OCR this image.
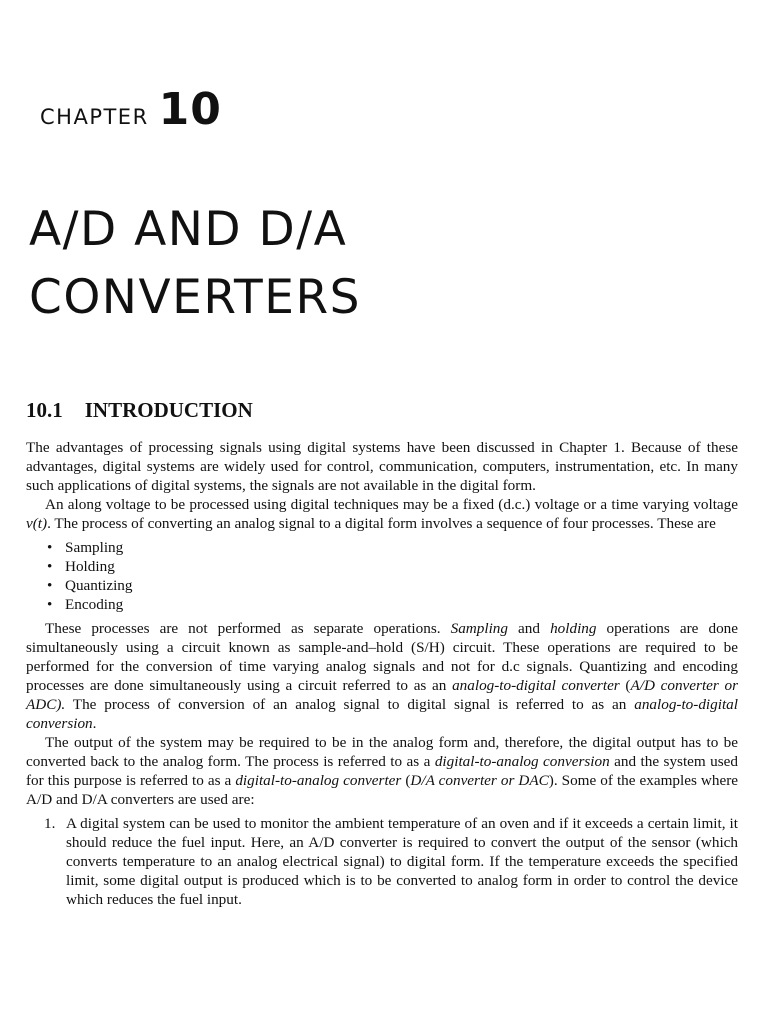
CHAPTER 10
A/D AND D/A
CONVERTERS
10.1 INTRODUCTION

The advantages of processing signals using digital systems have been discussed in Chapter 1. Because of these advantages, digital systems are widely used for control, communication, computers, instrumentation, etc. In many such applications of digital systems, the signals are not available in the digital form.

An along voltage to be processed using digital techniques may be a fixed (d.c.) voltage or a time varying voltage v(t). The process of converting an analog signal to a digital form involves a sequence of four processes. These are

• Sampling
• Holding
• Quantizing
• Encoding

These processes are not performed as separate operations. Sampling and holding operations are done simultaneously using a circuit known as sample-and–hold (S/H) circuit. These operations are required to be performed for the conversion of time varying analog signals and not for d.c signals. Quantizing and encoding processes are done simultaneously using a circuit referred to as an analog-to-digital converter (A/D converter or ADC). The process of conversion of an analog signal to digital signal is referred to as an analog-to-digital conversion.

The output of the system may be required to be in the analog form and, therefore, the digital output has to be converted back to the analog form. The process is referred to as a digital-to-analog conversion and the system used for this purpose is referred to as a digital-to-analog converter (D/A converter or DAC). Some of the examples where A/D and D/A converters are used are:

1. A digital system can be used to monitor the ambient temperature of an oven and if it exceeds a certain limit, it should reduce the fuel input. Here, an A/D converter is required to convert the output of the sensor (which converts temperature to an analog electrical signal) to digital form. If the temperature exceeds the specified limit, some digital output is produced which is to be converted to analog form in order to control the device which reduces the fuel input.
